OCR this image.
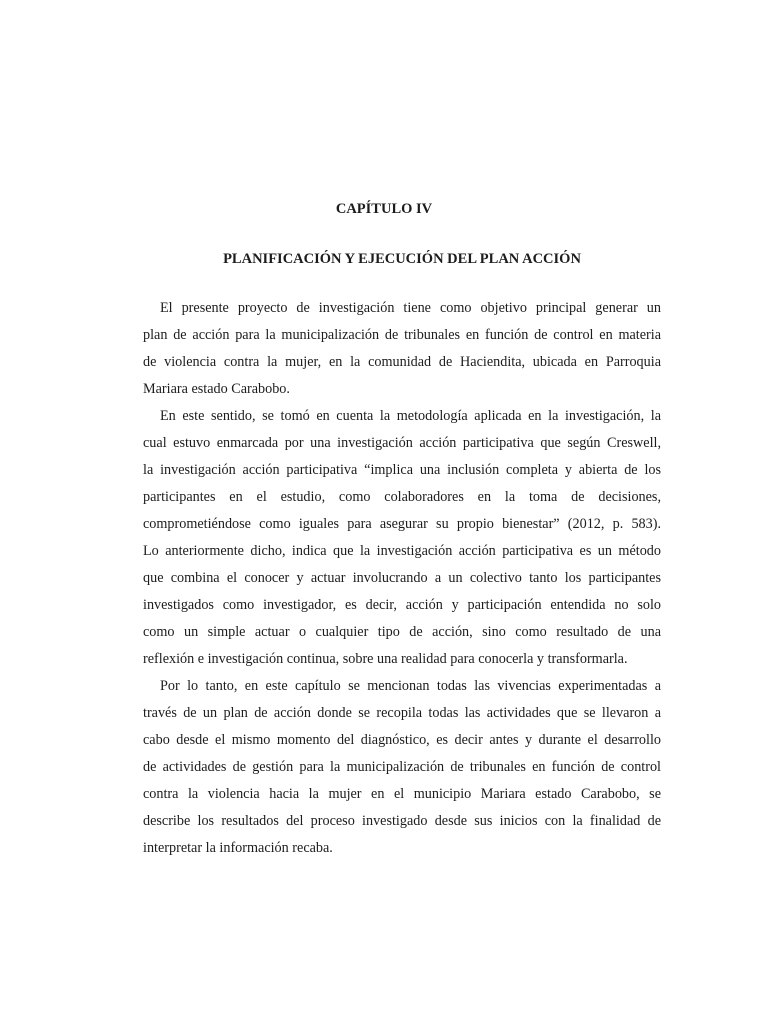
CAPÍTULO IV
PLANIFICACIÓN Y EJECUCIÓN DEL PLAN ACCIÓN
El presente proyecto de investigación tiene como objetivo principal generar un
plan de acción para la municipalización de tribunales en función de control en materia
de violencia contra la mujer, en la comunidad de Haciendita, ubicada en Parroquia
Mariara estado Carabobo.
En este sentido, se tomó en cuenta la metodología aplicada en la investigación, la
cual estuvo enmarcada por una investigación acción participativa que según Creswell,
la investigación acción participativa “implica una inclusión completa y abierta de los
participantes en el estudio, como colaboradores en la toma de decisiones,
comprometiéndose como iguales para asegurar su propio bienestar” (2012, p. 583).
Lo anteriormente dicho, indica que la investigación acción participativa es un método
que combina el conocer y actuar involucrando a un colectivo tanto los participantes
investigados como investigador, es decir, acción y participación entendida no solo
como un simple actuar o cualquier tipo de acción, sino como resultado de una
reflexión e investigación continua, sobre una realidad para conocerla y transformarla.
Por lo tanto, en este capítulo se mencionan todas las vivencias experimentadas a
través de un plan de acción donde se recopila todas las actividades que se llevaron a
cabo desde el mismo momento del diagnóstico, es decir antes y durante el desarrollo
de actividades de gestión para la municipalización de tribunales en función de control
contra la violencia hacia la mujer en el municipio Mariara estado Carabobo, se
describe los resultados del proceso investigado desde sus inicios con la finalidad de
interpretar la información recaba.
